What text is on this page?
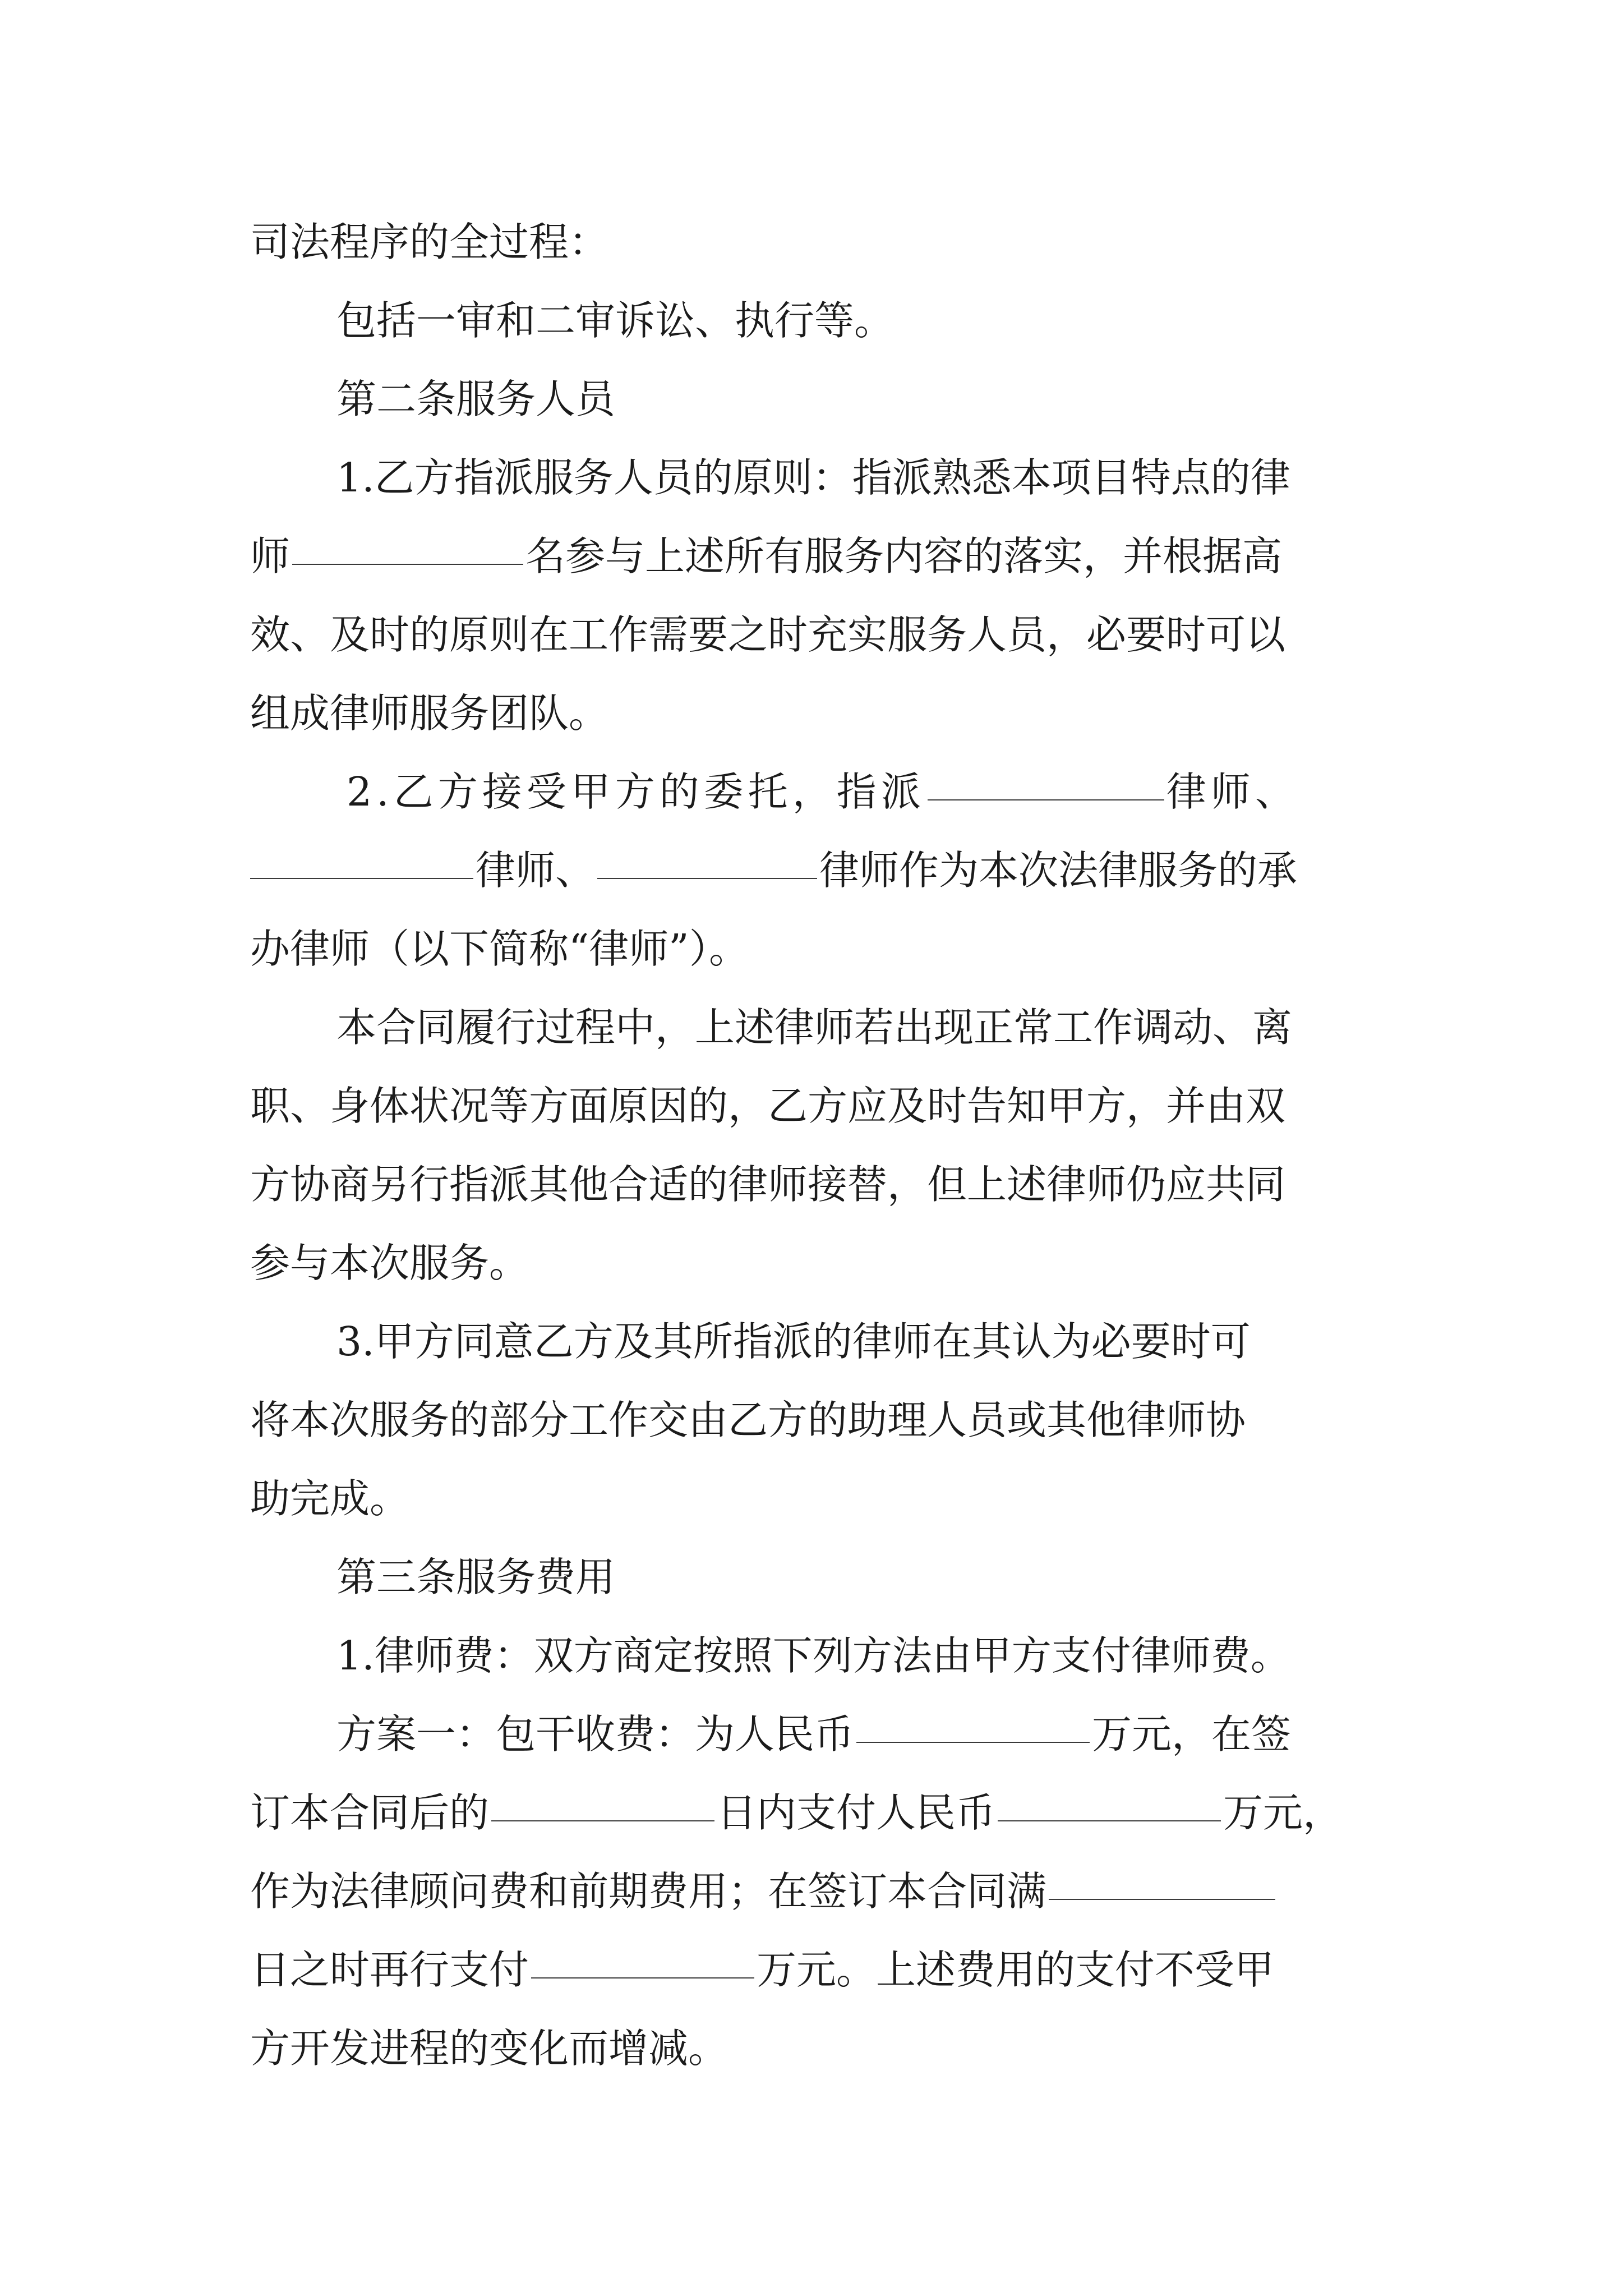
司法程序的全过程：
包括一审和二审诉讼、执行等。
第二条服务人员
1.乙方指派服务人员的原则：指派熟悉本项目特点的律
师	名参与上述所有服务内容的落实，并根据高
效、及时的原则在工作需要之时充实服务人员，必要时可以
组成律师服务团队。
2.乙方接受甲方的委托，指派	律师、
律师、	律师作为本次法律服务的承
办律师（以下简称“律师”）。
本合同履行过程中，上述律师若出现正常工作调动、离
职、身体状况等方面原因的，乙方应及时告知甲方，并由双
方协商另行指派其他合适的律师接替，但上述律师仍应共同
参与本次服务。
3.甲方同意乙方及其所指派的律师在其认为必要时可
将本次服务的部分工作交由乙方的助理人员或其他律师协
助完成。
第三条服务费用
1.律师费：双方商定按照下列方法由甲方支付律师费。
方案一：包干收费：为人民币	万元，在签
订本合同后的	日内支付人民币	万元，
作为法律顾问费和前期费用；在签订本合同满
日之时再行支付	万元。上述费用的支付不受甲
方开发进程的变化而增减。
